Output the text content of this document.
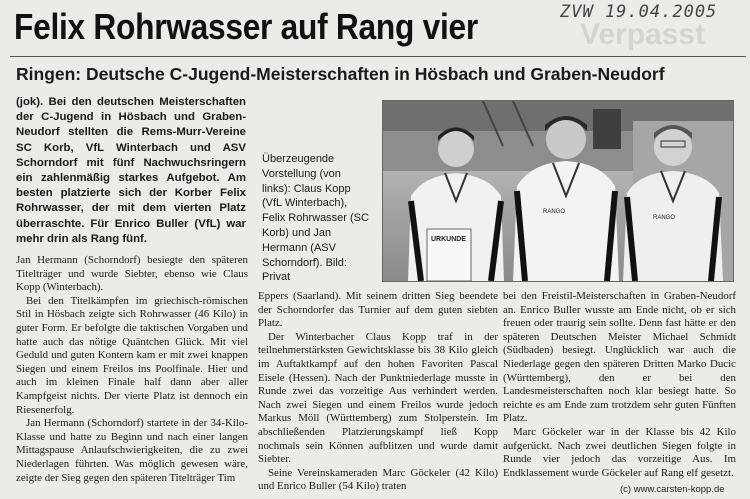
Verpasst
ZVW 19.04.2005
Felix Rohrwasser auf Rang vier
Ringen: Deutsche C-Jugend-Meisterschaften in Hösbach und Graben-Neudorf
(jok). Bei den deutschen Meisterschaften der C-Jugend in Hösbach und Graben-Neudorf stellten die Rems-Murr-Vereine SC Korb, VfL Winterbach und ASV Schorndorf mit fünf Nachwuchsringern ein zahlenmäßig starkes Aufgebot. Am besten platzierte sich der Korber Felix Rohrwasser, der mit dem vierten Platz überraschte. Für Enrico Buller (VfL) war mehr drin als Rang fünf.
Überzeugende Vorstellung (von links): Claus Kopp (VfL Winterbach), Felix Rohrwasser (SC Korb) und Jan Hermann (ASV Schorndorf). Bild: Privat
URKUNDE
RANGO
RANGO

Jan Hermann (Schorndorf) besiegte den späteren Titelträger und wurde Siebter, ebenso wie Claus Kopp (Winterbach).

Bei den Titelkämpfen im griechisch-römischen Stil in Hösbach zeigte sich Rohrwasser (46 Kilo) in guter Form. Er befolgte die taktischen Vorgaben und hatte auch das nötige Quäntchen Glück. Mit viel Geduld und guten Kontern kam er mit zwei knappen Siegen und einem Freilos ins Poolfinale. Hier und auch im kleinen Finale half dann aber aller Kampfgeist nichts. Der vierte Platz ist dennoch ein Riesenerfolg.

Jan Hermann (Schorndorf) startete in der 34-Kilo-Klasse und hatte zu Beginn und nach einer langen Mittagspause Anlaufschwierigkeiten, die zu zwei Niederlagen führten. Was möglich gewesen wäre, zeigte der Sieg gegen den späteren Titelträger Tim

Eppers (Saarland). Mit seinem dritten Sieg beendete der Schorndorfer das Turnier auf dem guten siebten Platz.

Der Winterbacher Claus Kopp traf in der teilnehmerstärksten Gewichtsklasse bis 38 Kilo gleich im Auftaktkampf auf den hohen Favoriten Pascal Eisele (Hessen). Nach der Punktniederlage musste in Runde zwei das vorzeitige Aus verhindert werden. Nach zwei Siegen und einem Freilos wurde jedoch Markus Möll (Württemberg) zum Stolperstein. Im abschließenden Platzierungskampf ließ Kopp nochmals sein Können aufblitzen und wurde damit Siebter.

Seine Vereinskameraden Marc Göckeler (42 Kilo) und Enrico Buller (54 Kilo) traten

bei den Freistil-Meisterschaften in Graben-Neudorf an. Enrico Buller wusste am Ende nicht, ob er sich freuen oder traurig sein sollte. Denn fast hätte er den späteren Deutschen Meister Michael Schmidt (Südbaden) besiegt. Unglücklich war auch die Niederlage gegen den späteren Dritten Marko Ducic (Württemberg), den er bei den Landesmeisterschaften noch klar besiegt hatte. So reichte es am Ende zum trotzdem sehr guten Fünften Platz.

Marc Göckeler war in der Klasse bis 42 Kilo aufgerückt. Nach zwei deutlichen Siegen folgte in Runde vier jedoch das vorzeitige Aus. Im Endklassement wurde Göckeler auf Rang elf gesetzt.

(c) www.carsten-kopp.de
